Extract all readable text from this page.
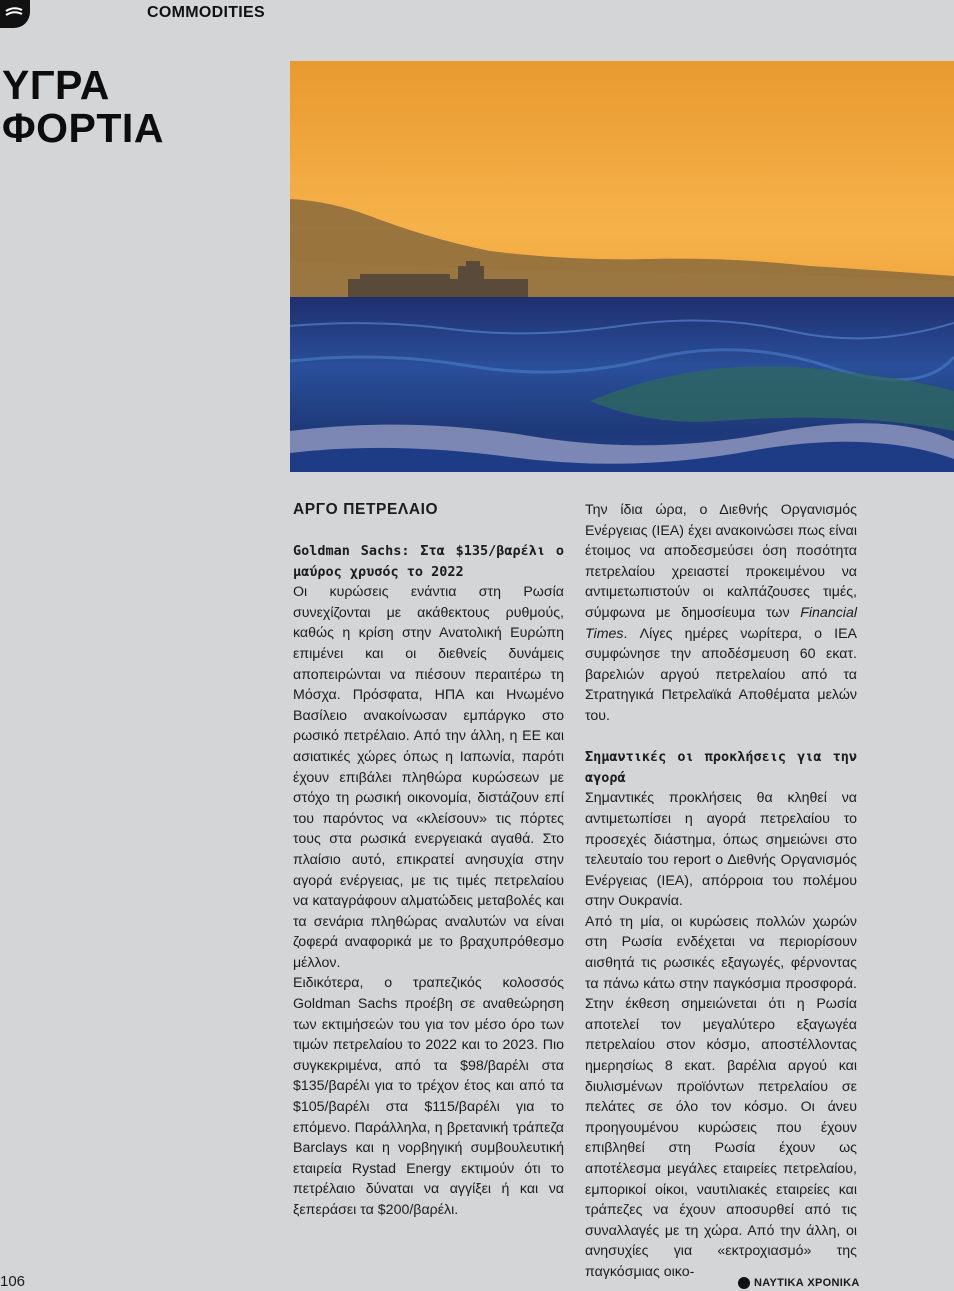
COMMODITIES
ΥΓΡΑ
ΦΟΡΤΙΑ
ΑΡΓΟ ΠΕΤΡΕΛΑΙΟ

Goldman Sachs: Στα $135/βαρέλι ο μαύρος χρυσός το 2022

Οι κυρώσεις ενάντια στη Ρωσία συνεχίζονται με ακάθεκτους ρυθμούς, καθώς η κρίση στην Ανατολική Ευρώπη επιμένει και οι διεθνείς δυνάμεις αποπειρώνται να πιέσουν περαιτέρω τη Μόσχα. Πρόσφατα, ΗΠΑ και Ηνωμένο Βασίλειο ανακοίνωσαν εμπάργκο στο ρωσικό πετρέλαιο. Από την άλλη, η ΕΕ και ασιατικές χώρες όπως η Ιαπωνία, παρότι έχουν επιβάλει πληθώρα κυρώσεων με στόχο τη ρωσική οικονομία, διστάζουν επί του παρόντος να «κλείσουν» τις πόρτες τους στα ρωσικά ενεργειακά αγαθά. Στο πλαίσιο αυτό, επικρατεί ανησυχία στην αγορά ενέργειας, με τις τιμές πετρελαίου να καταγράφουν αλματώδεις μεταβολές και τα σενάρια πληθώρας αναλυτών να είναι ζοφερά αναφορικά με το βραχυπρόθεσμο μέλλον.

Ειδικότερα, ο τραπεζικός κολοσσός Goldman Sachs προέβη σε αναθεώρηση των εκτιμήσεών του για τον μέσο όρο των τιμών πετρελαίου το 2022 και το 2023. Πιο συγκεκριμένα, από τα $98/βαρέλι στα $135/βαρέλι για το τρέχον έτος και από τα $105/βαρέλι στα $115/βαρέλι για το επόμενο. Παράλληλα, η βρετανική τράπεζα Barclays και η νορβηγική συμβουλευτική εταιρεία Rystad Energy εκτιμούν ότι το πετρέλαιο δύναται να αγγίξει ή και να ξεπεράσει τα $200/βαρέλι.

Την ίδια ώρα, ο Διεθνής Οργανισμός Ενέργειας (IEA) έχει ανακοινώσει πως είναι έτοιμος να αποδεσμεύσει όση ποσότητα πετρελαίου χρειαστεί προκειμένου να αντιμετωπιστούν οι καλπάζουσες τιμές, σύμφωνα με δημοσίευμα των Financial Times. Λίγες ημέρες νωρίτερα, ο IEA συμφώνησε την αποδέσμευση 60 εκατ. βαρελιών αργού πετρελαίου από τα Στρατηγικά Πετρελαϊκά Αποθέματα μελών του.

Σημαντικές οι προκλήσεις για την αγορά

Σημαντικές προκλήσεις θα κληθεί να αντιμετωπίσει η αγορά πετρελαίου το προσεχές διάστημα, όπως σημειώνει στο τελευταίο του report ο Διεθνής Οργανισμός Ενέργειας (IEA), απόρροια του πολέμου στην Ουκρανία.

Από τη μία, οι κυρώσεις πολλών χωρών στη Ρωσία ενδέχεται να περιορίσουν αισθητά τις ρωσικές εξαγωγές, φέρνοντας τα πάνω κάτω στην παγκόσμια προσφορά. Στην έκθεση σημειώνεται ότι η Ρωσία αποτελεί τον μεγαλύτερο εξαγωγέα πετρελαίου στον κόσμο, αποστέλλοντας ημερησίως 8 εκατ. βαρέλια αργού και διυλισμένων προϊόντων πετρελαίου σε πελάτες σε όλο τον κόσμο. Οι άνευ προηγουμένου κυρώσεις που έχουν επιβληθεί στη Ρωσία έχουν ως αποτέλεσμα μεγάλες εταιρείες πετρελαίου, εμπορικοί οίκοι, ναυτιλιακές εταιρείες και τράπεζες να έχουν αποσυρθεί από τις συναλλαγές με τη χώρα. Από την άλλη, οι ανησυχίες για «εκτροχιασμό» της παγκόσμιας οικο-

106	ΝΑΥΤΙΚΑ ΧΡΟΝΙΚΑ
